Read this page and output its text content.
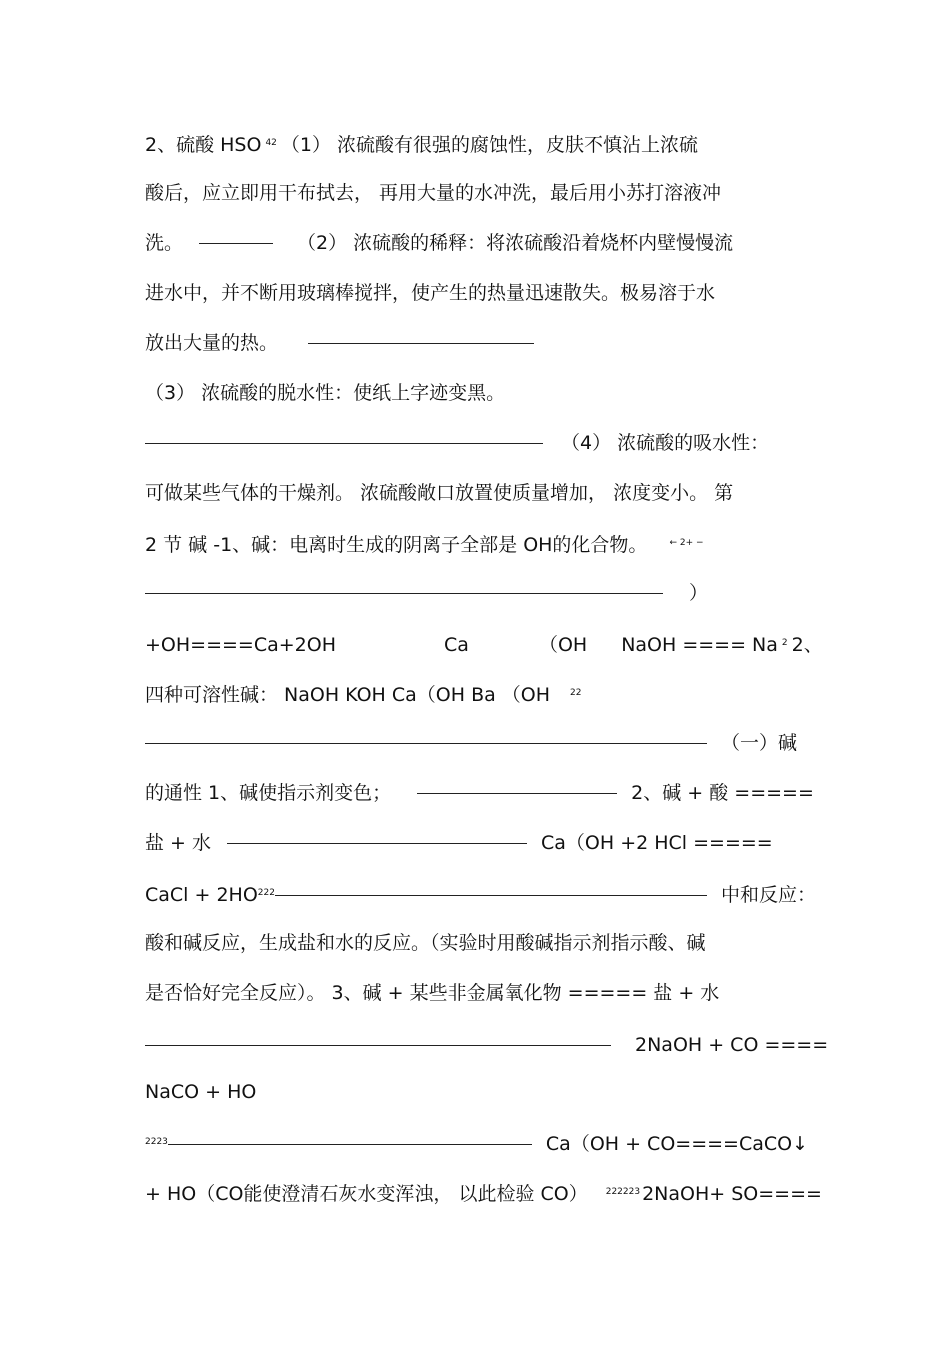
2、硫酸 HSO 42 （1） 浓硫酸有很强的腐蚀性，皮肤不慎沾上浓硫
酸后，应立即用干布拭去， 再用大量的水冲洗，最后用小苏打溶液冲
洗。	（2） 浓硫酸的稀释：将浓硫酸沿着烧杯内壁慢慢流
进水中，并不断用玻璃棒搅拌，使产生的热量迅速散失。极易溶于水
放出大量的热。
（3） 浓硫酸的脱水性：使纸上字迹变黑。
（4） 浓硫酸的吸水性：
可做某些气体的干燥剂。 浓硫酸敞口放置使质量增加， 浓度变小。 第
2 节 碱 -1、碱：电离时生成的阴离子全部是 OH的化合物。 ← 2+ −
）
+OH====Ca+2OH	Ca	（OH NaOH ==== Na 2 2、
四种可溶性碱： NaOH KOH Ca（OH Ba （OH 22
（一）碱
的通性 1、碱使指示剂变色；	2、碱 + 酸 =====
盐 + 水	Ca（OH +2 HCl =====
CaCl + 2HO222	中和反应：
酸和碱反应，生成盐和水的反应。（实验时用酸碱指示剂指示酸、碱
是否恰好完全反应）。 3、碱 + 某些非金属氧化物 ===== 盐 + 水
2NaOH + CO ====
NaCO + HO
2223	Ca（OH + CO====CaCO↓
+ HO（CO能使澄清石灰水变浑浊， 以此检验 CO） 222223 2NaOH+ SO====
